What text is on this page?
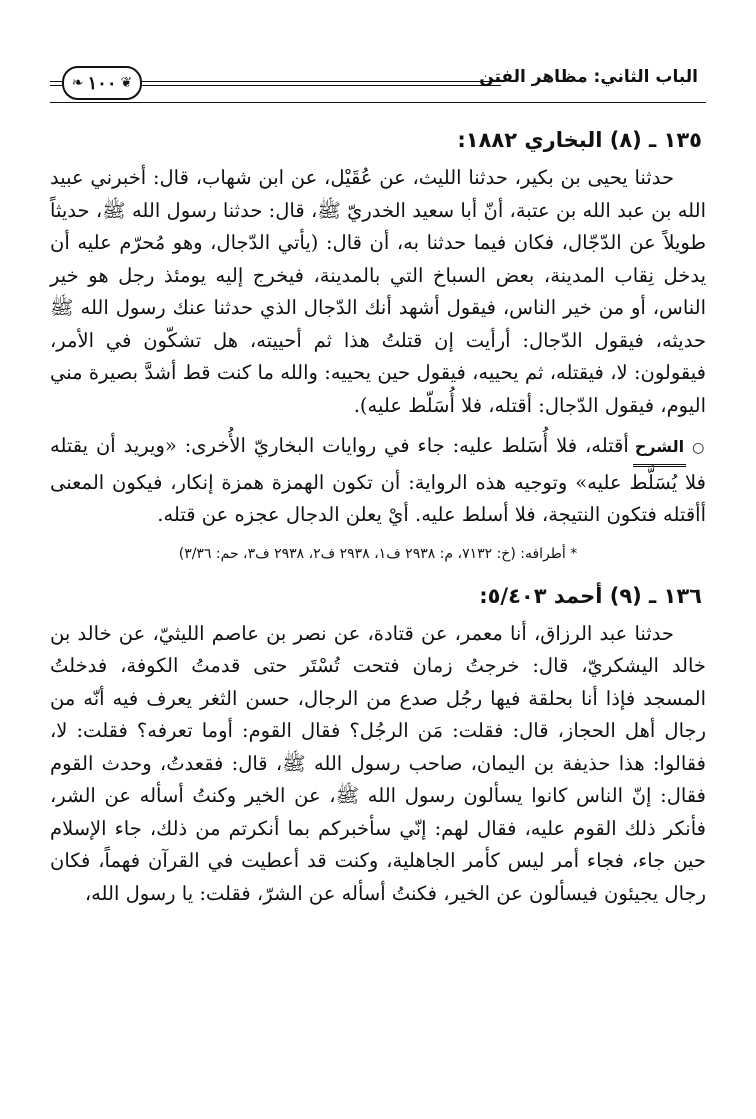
الباب الثاني: مظاهر الفتن
❦
١٠٠
❧
١٣٥ ـ (٨) البخاري ١٨٨٢:

حدثنا يحيى بن بكير، حدثنا الليث، عن عُقَيْل، عن ابن شهاب، قال: أخبرني عبيد الله بن عبد الله بن عتبة، أنّ أبا سعيد الخدريّ ﷺ، قال: حدثنا رسول الله ﷺ، حديثاً طويلاً عن الدّجّال، فكان فيما حدثنا به، أن قال: (يأتي الدّجال، وهو مُحرّم عليه أن يدخل نِقاب المدينة، بعض السباخ التي بالمدينة، فيخرج إليه يومئذ رجل هو خير الناس، أو من خير الناس، فيقول أشهد أنك الدّجال الذي حدثنا عنك رسول الله ﷺ حديثه، فيقول الدّجال: أرأيت إن قتلتُ هذا ثم أحييته، هل تشكّون في الأمر، فيقولون: لا، فيقتله، ثم يحييه، فيقول حين يحييه: والله ما كنت قط أشدَّ بصيرة مني اليوم، فيقول الدّجال: أقتله، فلا أُسَلّط عليه).

○الشرحأقتله، فلا أُسَلط عليه: جاء في روايات البخاريّ الأُخرى: «ويريد أن يقتله فلا يُسَلَّط عليه» وتوجيه هذه الرواية: أن تكون الهمزة همزة إنكار، فيكون المعنى أأقتله فتكون النتيجة، فلا أسلط عليه. أيْ يعلن الدجال عجزه عن قتله.

* أطرافه: (خ: ٧١٣٢، م: ٢٩٣٨ ف١، ٢٩٣٨ ف٢، ٢٩٣٨ ف٣، حم: ٣/٣٦)
١٣٦ ـ (٩) أحمد ٥/٤٠٣:

حدثنا عبد الرزاق، أنا معمر، عن قتادة، عن نصر بن عاصم الليثيّ، عن خالد بن خالد اليشكريّ، قال: خرجتُ زمان فتحت تُسْتَر حتى قدمتُ الكوفة، فدخلتُ المسجد فإذا أنا بحلقة فيها رجُل صدع من الرجال، حسن الثغر يعرف فيه أنّه من رجال أهل الحجاز، قال: فقلت: مَن الرجُل؟ فقال القوم: أوما تعرفه؟ فقلت: لا، فقالوا: هذا حذيفة بن اليمان، صاحب رسول الله ﷺ، قال: فقعدتُ، وحدث القوم فقال: إنّ الناس كانوا يسألون رسول الله ﷺ، عن الخير وكنتُ أسأله عن الشر، فأنكر ذلك القوم عليه، فقال لهم: إنّي سأخبركم بما أنكرتم من ذلك، جاء الإسلام حين جاء، فجاء أمر ليس كأمر الجاهلية، وكنت قد أعطيت في القرآن فهماً، فكان رجال يجيئون فيسألون عن الخير، فكنتُ أسأله عن الشرّ، فقلت: يا رسول الله،
